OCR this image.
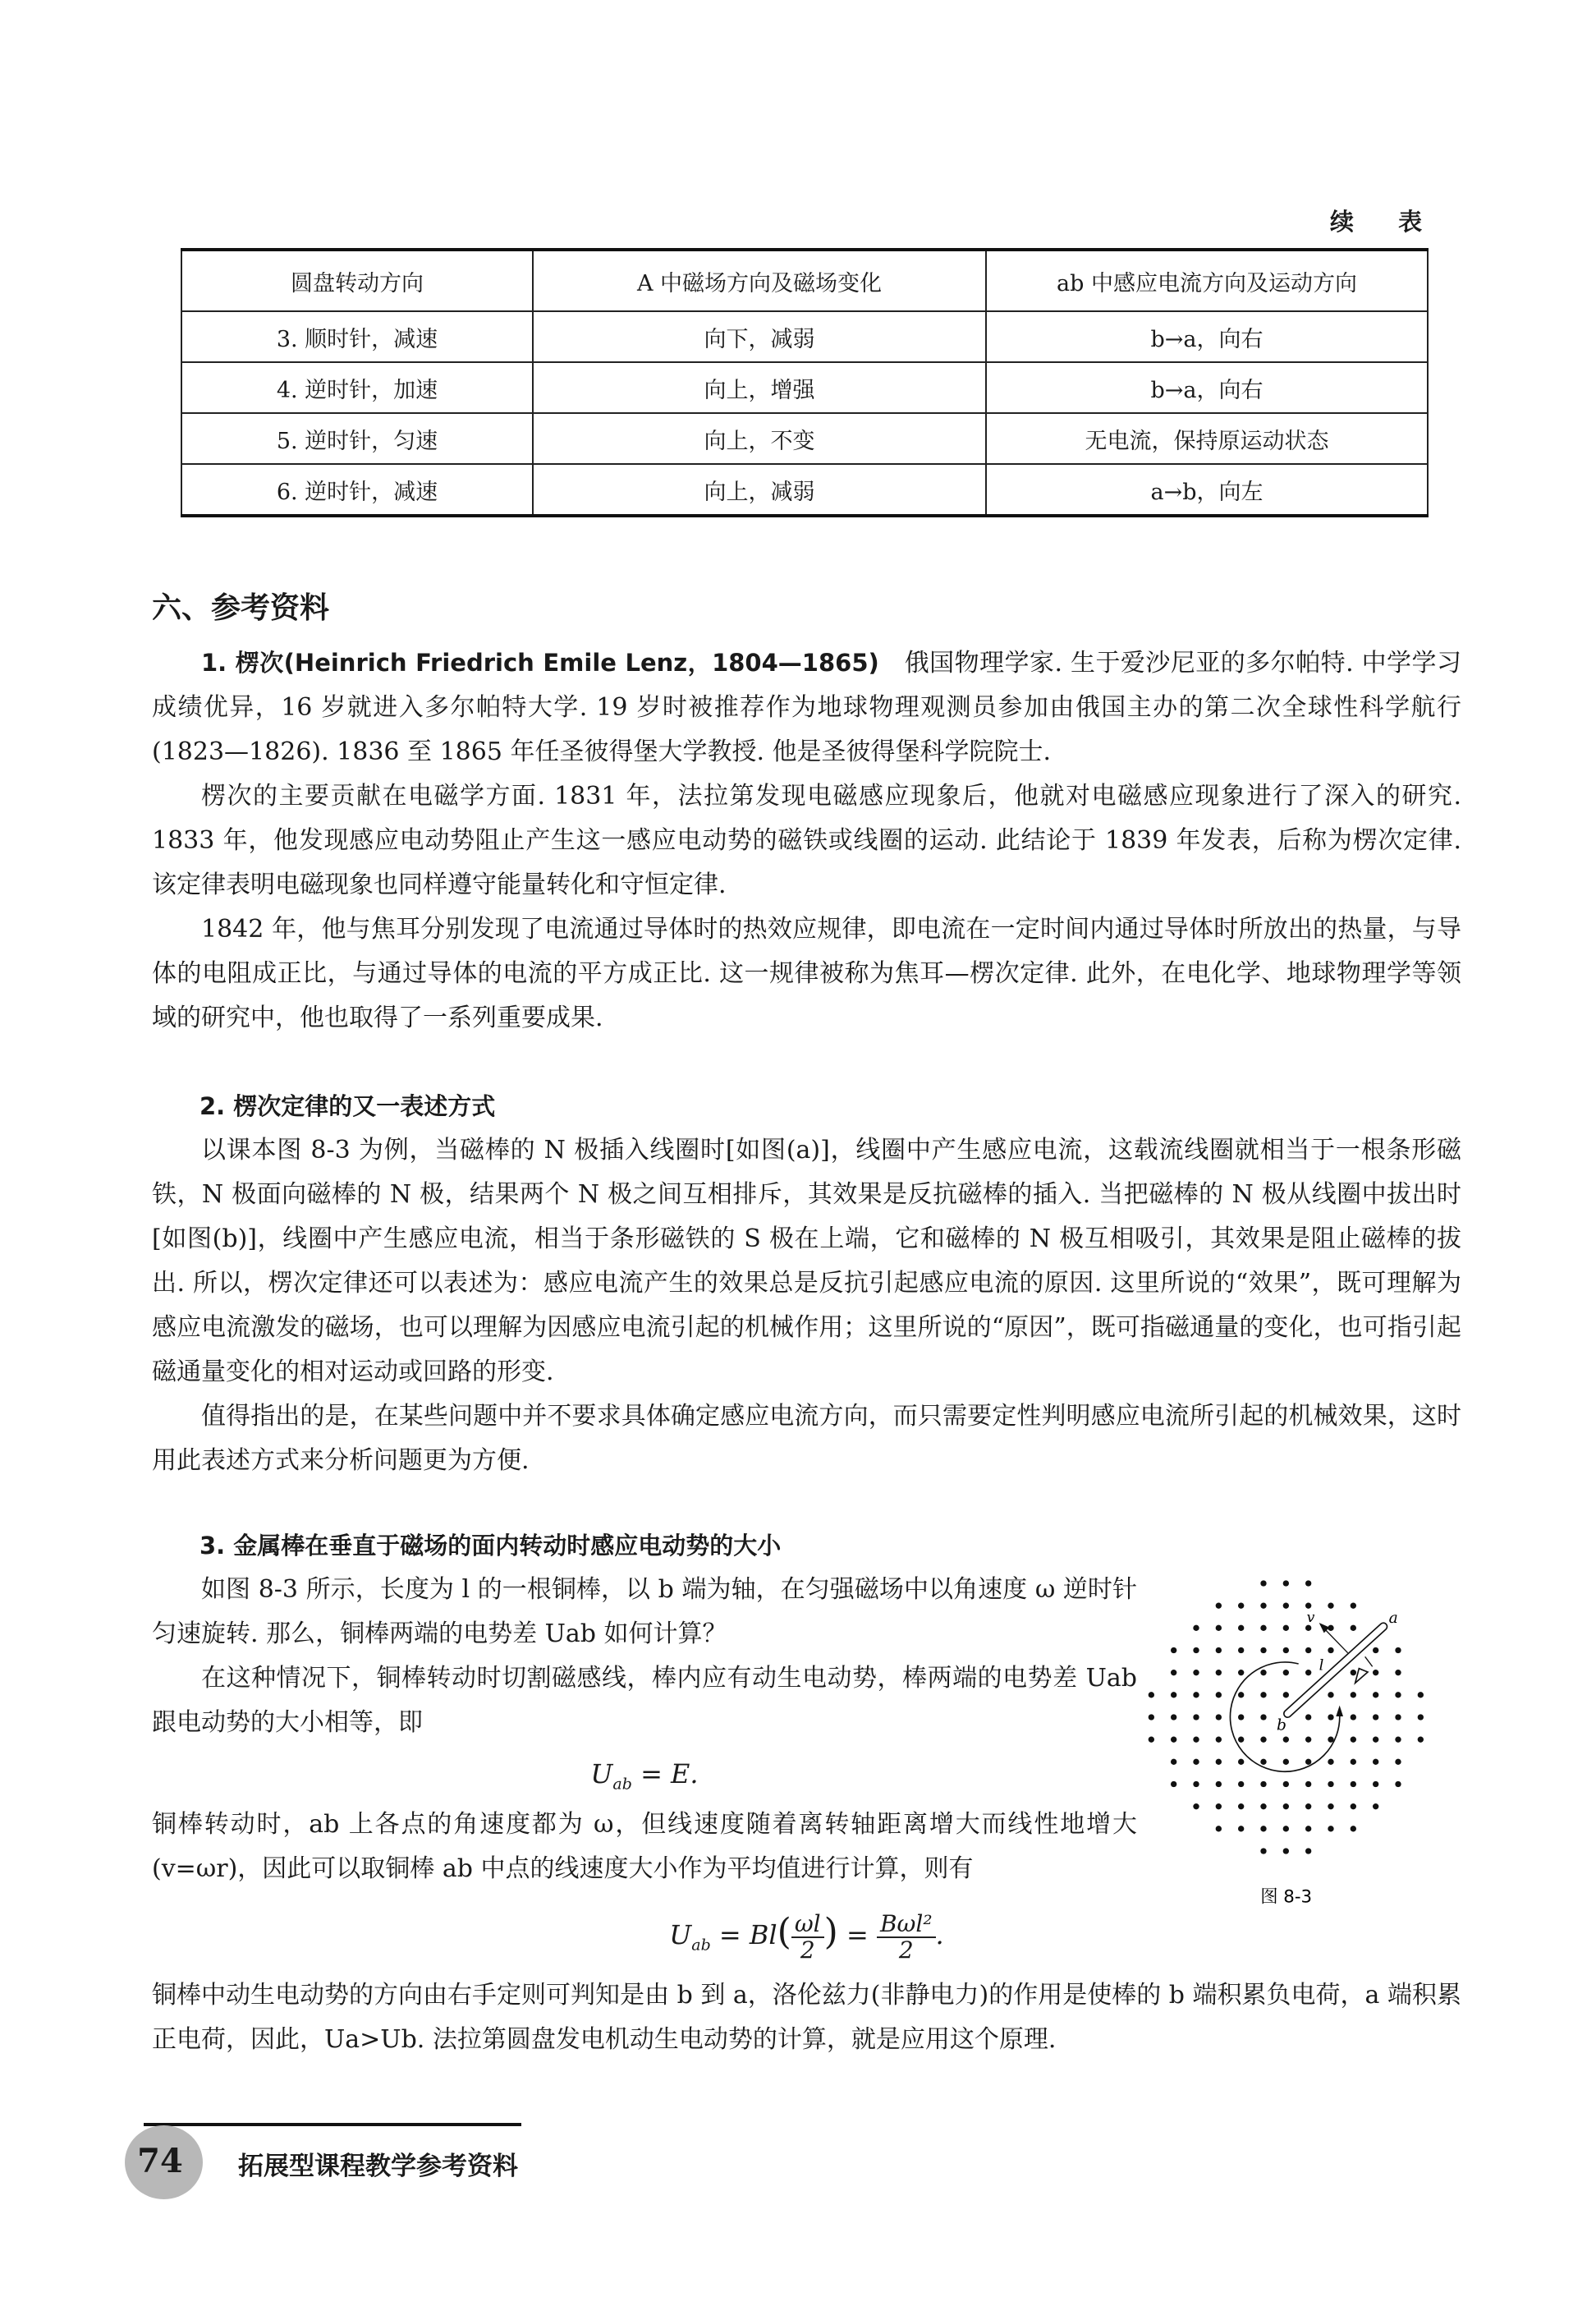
续 表
圆盘转动方向	A 中磁场方向及磁场变化	ab 中感应电流方向及运动方向
3. 顺时针，减速	向下，减弱	b→a，向右
4. 逆时针，加速	向上，增强	b→a，向右
5. 逆时针，匀速	向上，不变	无电流，保持原运动状态
6. 逆时针，减速	向上，减弱	a→b，向左
六、参考资料

1. 楞次(Heinrich Friedrich Emile Lenz，1804—1865)　俄国物理学家. 生于爱沙尼亚的多尔帕特. 中学学习成绩优异，16 岁就进入多尔帕特大学. 19 岁时被推荐作为地球物理观测员参加由俄国主办的第二次全球性科学航行(1823—1826). 1836 至 1865 年任圣彼得堡大学教授. 他是圣彼得堡科学院院士.

楞次的主要贡献在电磁学方面. 1831 年，法拉第发现电磁感应现象后，他就对电磁感应现象进行了深入的研究. 1833 年，他发现感应电动势阻止产生这一感应电动势的磁铁或线圈的运动. 此结论于 1839 年发表，后称为楞次定律. 该定律表明电磁现象也同样遵守能量转化和守恒定律.

1842 年，他与焦耳分别发现了电流通过导体时的热效应规律，即电流在一定时间内通过导体时所放出的热量，与导体的电阻成正比，与通过导体的电流的平方成正比. 这一规律被称为焦耳—楞次定律. 此外，在电化学、地球物理学等领域的研究中，他也取得了一系列重要成果.

2. 楞次定律的又一表述方式

以课本图 8-3 为例，当磁棒的 N 极插入线圈时[如图(a)]，线圈中产生感应电流，这载流线圈就相当于一根条形磁铁，N 极面向磁棒的 N 极，结果两个 N 极之间互相排斥，其效果是反抗磁棒的插入. 当把磁棒的 N 极从线圈中拔出时[如图(b)]，线圈中产生感应电流，相当于条形磁铁的 S 极在上端，它和磁棒的 N 极互相吸引，其效果是阻止磁棒的拔出. 所以，楞次定律还可以表述为：感应电流产生的效果总是反抗引起感应电流的原因. 这里所说的“效果”，既可理解为感应电流激发的磁场，也可以理解为因感应电流引起的机械作用；这里所说的“原因”，既可指磁通量的变化，也可指引起磁通量变化的相对运动或回路的形变.

值得指出的是，在某些问题中并不要求具体确定感应电流方向，而只需要定性判明感应电流所引起的机械效果，这时用此表述方式来分析问题更为方便.

3. 金属棒在垂直于磁场的面内转动时感应电动势的大小

如图 8-3 所示，长度为 l 的一根铜棒，以 b 端为轴，在匀强磁场中以角速度 ω 逆时针匀速旋转. 那么，铜棒两端的电势差 Uab 如何计算？

在这种情况下，铜棒转动时切割磁感线，棒内应有动生电动势，棒两端的电势差 Uab 跟电动势的大小相等，即

$U_{ab} = E$.

铜棒转动时，ab 上各点的角速度都为 ω，但线速度随着离转轴距离增大而线性地增大(v=ωr)，因此可以取铜棒 ab 中点的线速度大小作为平均值进行计算，则有

$U_{ab} = Bl( \frac{\omega l}{2}$ ) = $\frac{\text{Bωl²}}{2}$ .

铜棒中动生电动势的方向由右手定则可判知是由 b 到 a，洛伦兹力(非静电力)的作用是使棒的 b 端积累负电荷，a 端积累正电荷，因此，Ua>Ub. 法拉第圆盘发电机动生电动势的计算，就是应用这个原理.

a
b
v
l
图 8-3
74 拓展型课程教学参考资料
